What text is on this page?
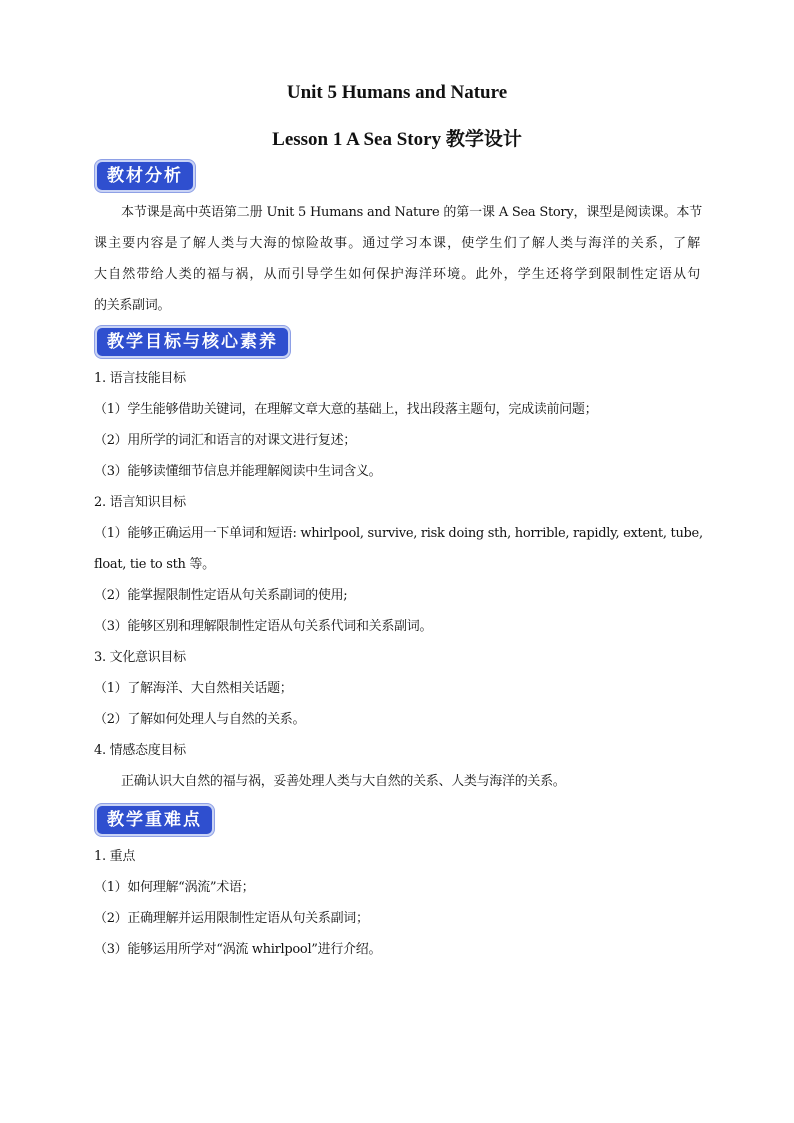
Unit 5 Humans and Nature
Lesson 1 A Sea Story 教学设计
教材分析
本节课是高中英语第二册 Unit 5 Humans and Nature 的第一课 A Sea Story，课型是阅读课。本节
课主要内容是了解人类与大海的惊险故事。通过学习本课，使学生们了解人类与海洋的关系，了解
大自然带给人类的福与祸，从而引导学生如何保护海洋环境。此外，学生还将学到限制性定语从句
的关系副词。
教学目标与核心素养
1. 语言技能目标
（1）学生能够借助关键词，在理解文章大意的基础上，找出段落主题句，完成读前问题；
（2）用所学的词汇和语言的对课文进行复述；
（3）能够读懂细节信息并能理解阅读中生词含义。
2. 语言知识目标
（1）能够正确运用一下单词和短语: whirlpool, survive, risk doing sth, horrible, rapidly, extent, tube,
float, tie to sth 等。
（2）能掌握限制性定语从句关系副词的使用;
（3）能够区别和理解限制性定语从句关系代词和关系副词。
3. 文化意识目标
（1）了解海洋、大自然相关话题；
（2）了解如何处理人与自然的关系。
4. 情感态度目标
正确认识大自然的福与祸，妥善处理人类与大自然的关系、人类与海洋的关系。
教学重难点
1. 重点
（1）如何理解“涡流”术语；
（2）正确理解并运用限制性定语从句关系副词；
（3）能够运用所学对“涡流 whirlpool”进行介绍。
